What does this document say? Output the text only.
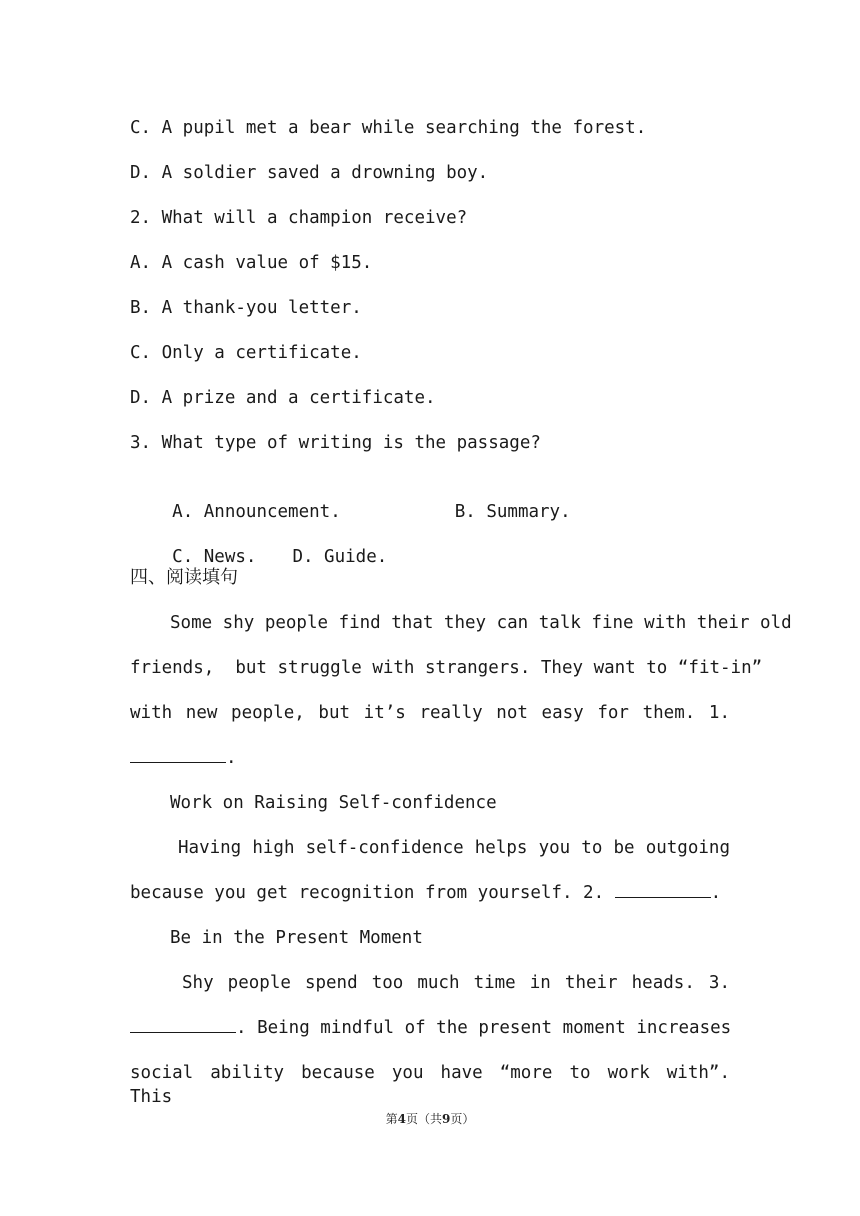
C. A pupil met a bear while searching the forest.
D. A soldier saved a drowning boy.
2. What will a champion receive?
A. A cash value of $15.
B. A thank-you letter.
C. Only a certificate.
D. A prize and a certificate.
3. What type of writing is the passage?

A. Announcement.	B. Summary.

C. News. D. Guide.

四、阅读填句
Some shy people find that they can talk fine with their old
friends,  but struggle with strangers. They want to “fit-in”
with new people, but it’s really not easy for them. 1.
.
Work on Raising Self-confidence
Having high self-confidence helps you to be outgoing
because you get recognition from yourself. 2.	.
Be in the Present Moment
Shy people spend too much time in their heads. 3.
. Being mindful of the present moment increases
social ability because you have “more to work with”. This
第4页（共9页）
